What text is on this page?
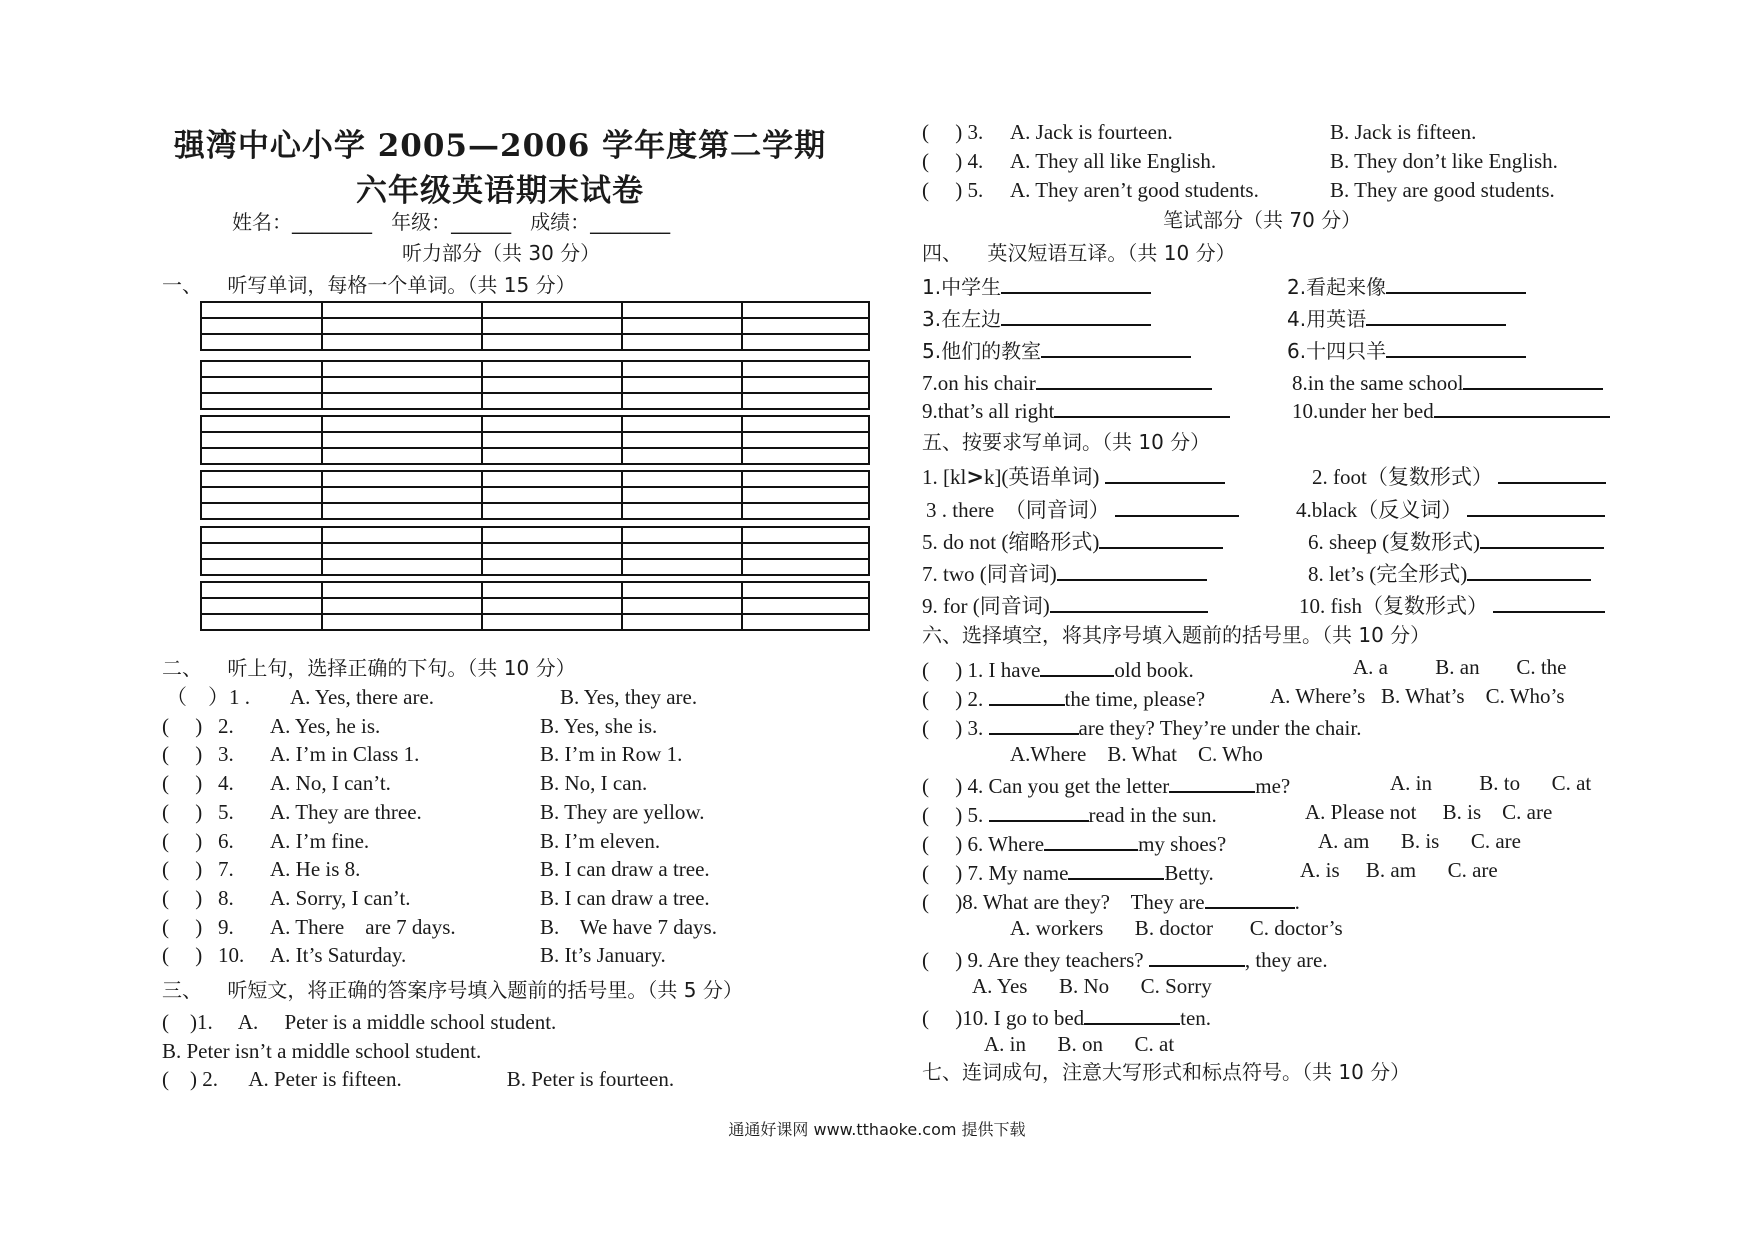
强湾中心小学 2005—2006 学年度第二学期
六年级英语期末试卷
姓名：________   年级：______   成绩：________
听力部分（共 30 分）
一、    听写单词，每格一个单词。（共 15 分）

二、    听上句，选择正确的下句。（共 10 分）
（    ）1 . A. Yes, there are.	B. Yes, they are.
(     )   2. A. Yes, he is.	B. Yes, she is.
(     )   3. A. I’m in Class 1.	B. I’m in Row 1.
(     )   4. A. No, I can’t.	B. No, I can.
(     )   5. A. They are three.	B. They are yellow.
(     )   6. A. I’m fine.	B. I’m eleven.
(     )   7. A. He is 8.	B. I can draw a tree.
(     )   8. A. Sorry, I can’t.	B. I can draw a tree.
(     )   9. A. There    are 7 days.	B.    We have 7 days.
(     )   10. A. It’s Saturday.	B. It’s January.
三、    听短文，将正确的答案序号填入题前的括号里。（共 5 分）
(    )1.     A.     Peter is a middle school student.
B. Peter isn’t a middle school student.
(    ) 2.      A. Peter is fifteen.                    B. Peter is fourteen.
(     ) 3. A. Jack is fourteen.	B. Jack is fifteen.
(     ) 4. A. They all like English.	B. They don’t like English.
(     ) 5. A. They aren’t good students.	B. They are good students.
笔试部分（共 70 分）
四、    英汉短语互译。（共 10 分）
1.中学生	2.看起来像
3.在左边	4.用英语
5.他们的教室	6.十四只羊
7.on his chair	8.in the same school
9.that’s all right	10.under her bed
五、按要求写单词。（共 10 分）
1. [kl>k](英语单词)	2. foot（复数形式）
3 . there  （同音词）	4.black（反义词）
5. do not (缩略形式)	6. sheep (复数形式)
7. two (同音词)	8. let’s (完全形式)
9. for (同音词)	10. fish（复数形式）
六、选择填空，将其序号填入题前的括号里。（共 10 分）
(     ) 1. I have	old book.	A. a         B. an       C. the
(     ) 2.	the time, please?	A. Where’s   B. What’s    C. Who’s
(     ) 3.	are they? They’re under the chair.
A.Where    B. What    C. Who
(     ) 4. Can you get the letter	me?	A. in         B. to      C. at
(     ) 5.	read in the sun.	A. Please not     B. is    C. are
(     ) 6. Where	my shoes?	A. am      B. is      C. are
(     ) 7. My name	Betty.	A. is     B. am      C. are
(     )8. What are they?    They are	.
A. workers      B. doctor       C. doctor’s
(     ) 9. Are they teachers?	, they are.
A. Yes      B. No      C. Sorry
(     )10. I go to bed	ten.
A. in      B. on      C. at
七、连词成句，注意大写形式和标点符号。（共 10 分）
通通好课网 www.tthaoke.com 提供下载
